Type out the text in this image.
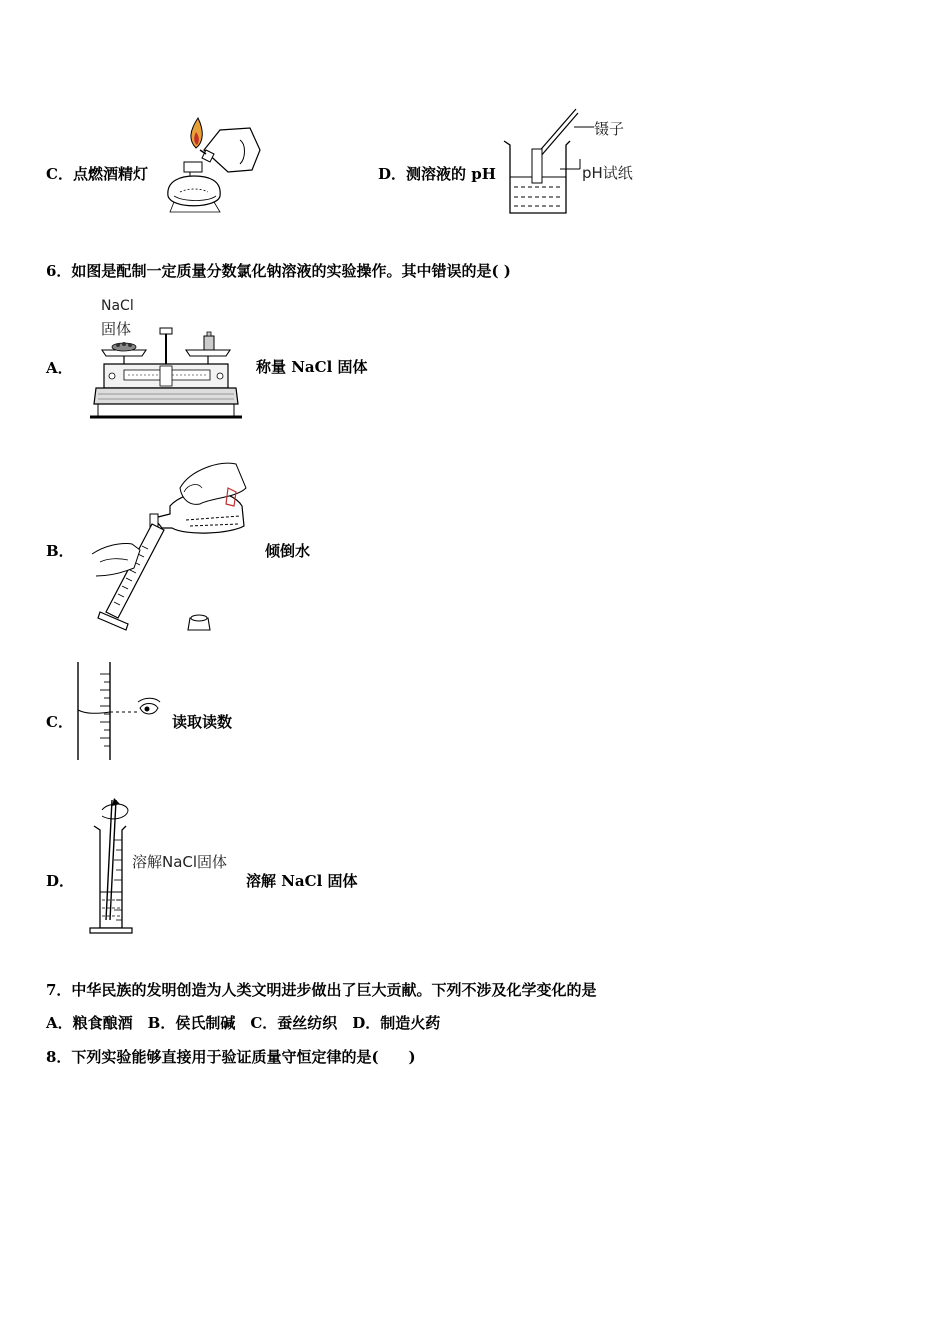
C．点燃酒精灯	D．测溶液的 pH
镊子
pH试纸
6．如图是配制一定质量分数氯化钠溶液的实验操作。其中错误的是( )
A．
NaCl
固体
称量 NaCl 固体
B．	倾倒水
C．	读取读数
D．
溶解NaCl固体
溶解 NaCl 固体
7．中华民族的发明创造为人类文明进步做出了巨大贡献。下列不涉及化学变化的是
A．粮食酿酒　B．侯氏制碱　C．蚕丝纺织　D．制造火药
8．下列实验能够直接用于验证质量守恒定律的是(　　)
